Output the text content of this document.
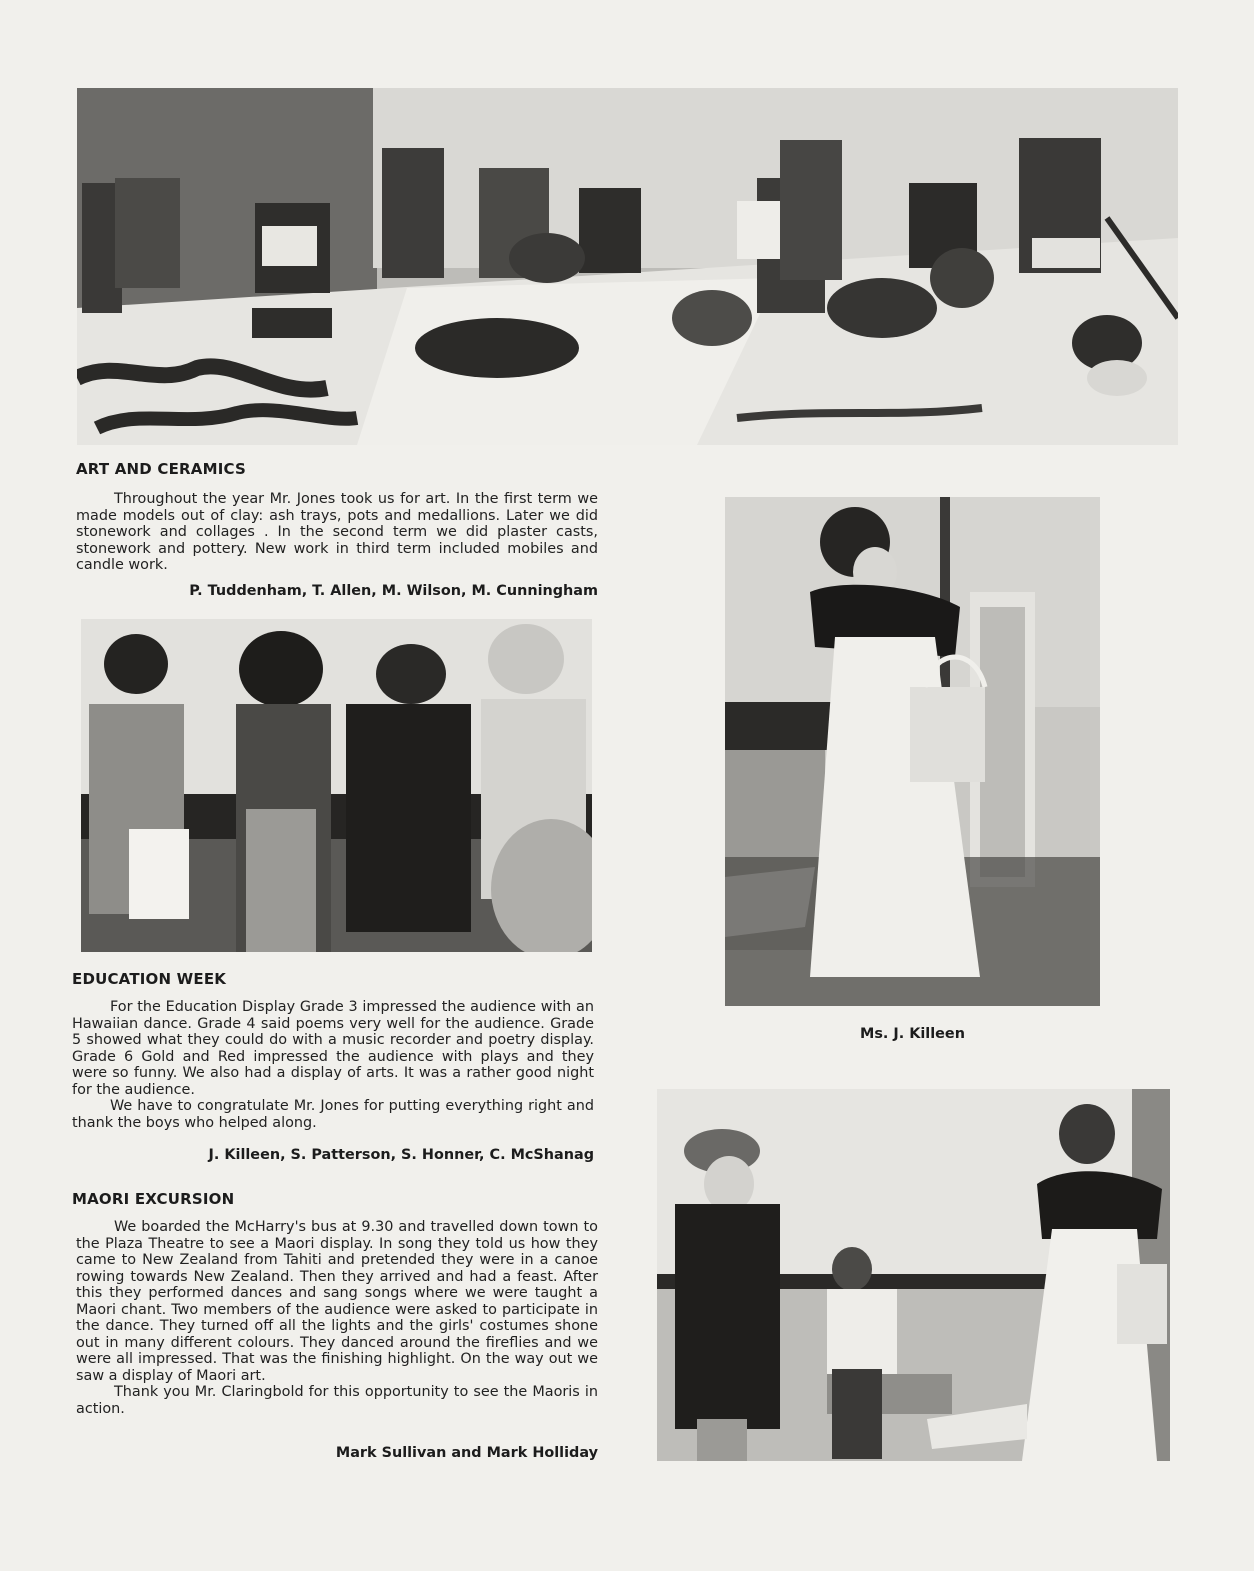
ART AND CERAMICS

Throughout the year Mr. Jones took us for art. In the first term we made models out of clay: ash trays, pots and medallions. Later we did stonework and collages . In the second term we did plaster casts, stonework and pottery. New work in third term included mobiles and candle work.

P. Tuddenham, T. Allen, M. Wilson, M. Cunningham
EDUCATION WEEK

For the Education Display Grade 3 impressed the audience with an Hawaiian dance. Grade 4 said poems very well for the audience. Grade 5 showed what they could do with a music recorder and poetry display. Grade 6 Gold and Red impressed the audience with plays and they were so funny. We also had a display of arts. It was a rather good night for the audience.

We have to congratulate Mr. Jones for putting everything right and thank the boys who helped along.

J. Killeen, S. Patterson, S. Honner, C. McShanag
MAORI EXCURSION

We boarded the McHarry's bus at 9.30 and travelled down town to the Plaza Theatre to see a Maori display. In song they told us how they came to New Zealand from Tahiti and pretended they were in a canoe rowing towards New Zealand. Then they arrived and had a feast. After this they performed dances and sang songs where we were taught a Maori chant. Two members of the audience were asked to participate in the dance. They turned off all the lights and the girls' costumes shone out in many different colours. They danced around the fireflies and we were all impressed. That was the finishing highlight. On the way out we saw a display of Maori art.

Thank you Mr. Claringbold for this opportunity to see the Maoris in action.

Mark Sullivan and Mark Holliday
Ms. J. Killeen
